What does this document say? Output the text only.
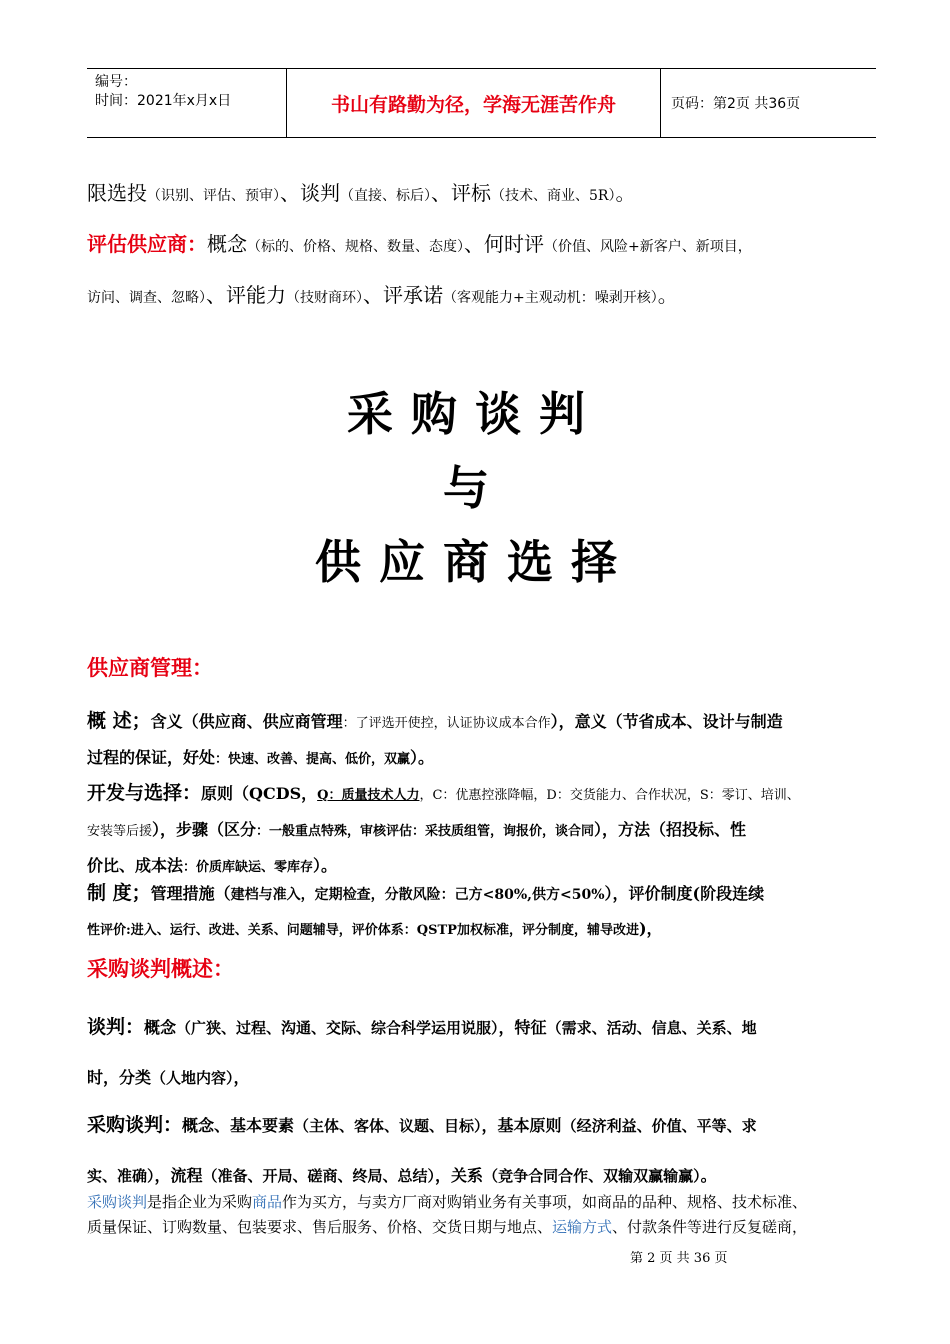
编号：
时间：2021年x月x日	书山有路勤为径，学海无涯苦作舟	页码：第2页 共36页
限选投（识别、评估、预审）、谈判（直接、标后）、评标（技术、商业、5R）。
评估供应商：概念（标的、价格、规格、数量、态度）、何时评（价值、风险+新客户、新项目，
访问、调查、忽略）、评能力（技财商环）、评承诺（客观能力+主观动机：噪剥开核）。
采购谈判
与
供应商选择
供应商管理：
概 述；含义（供应商、供应商管理：了评选开使控，认证协议成本合作），意义（节省成本、设计与制造
过程的保证，好处：快速、改善、提高、低价，双赢）。
开发与选择：原则（QCDS，Q：质量技术人力，C：优惠控涨降幅，D：交货能力、合作状况，S：零订、培训、
安装等后援），步骤（区分：一般重点特殊，审核评估：采技质组管，询报价，谈合同），方法（招投标、性
价比、成本法：价质库缺运、零库存）。
制 度；管理措施（建档与准入，定期检查，分散风险：己方<80%,供方<50%），评价制度(阶段连续
性评价:进入、运行、改进、关系、问题辅导，评价体系：QSTP加权标准，评分制度，辅导改进)，
采购谈判概述：
谈判：概念（广狭、过程、沟通、交际、综合科学运用说服），特征（需求、活动、信息、关系、地
时，分类（人地内容），
采购谈判：概念、基本要素（主体、客体、议题、目标），基本原则（经济利益、价值、平等、求
实、准确），流程（准备、开局、磋商、终局、总结），关系（竞争合同合作、双输双赢输赢）。
采购谈判是指企业为采购商品作为买方，与卖方厂商对购销业务有关事项，如商品的品种、规格、技术标准、
质量保证、订购数量、包装要求、售后服务、价格、交货日期与地点、运输方式、付款条件等进行反复磋商，
第 2 页 共 36 页
